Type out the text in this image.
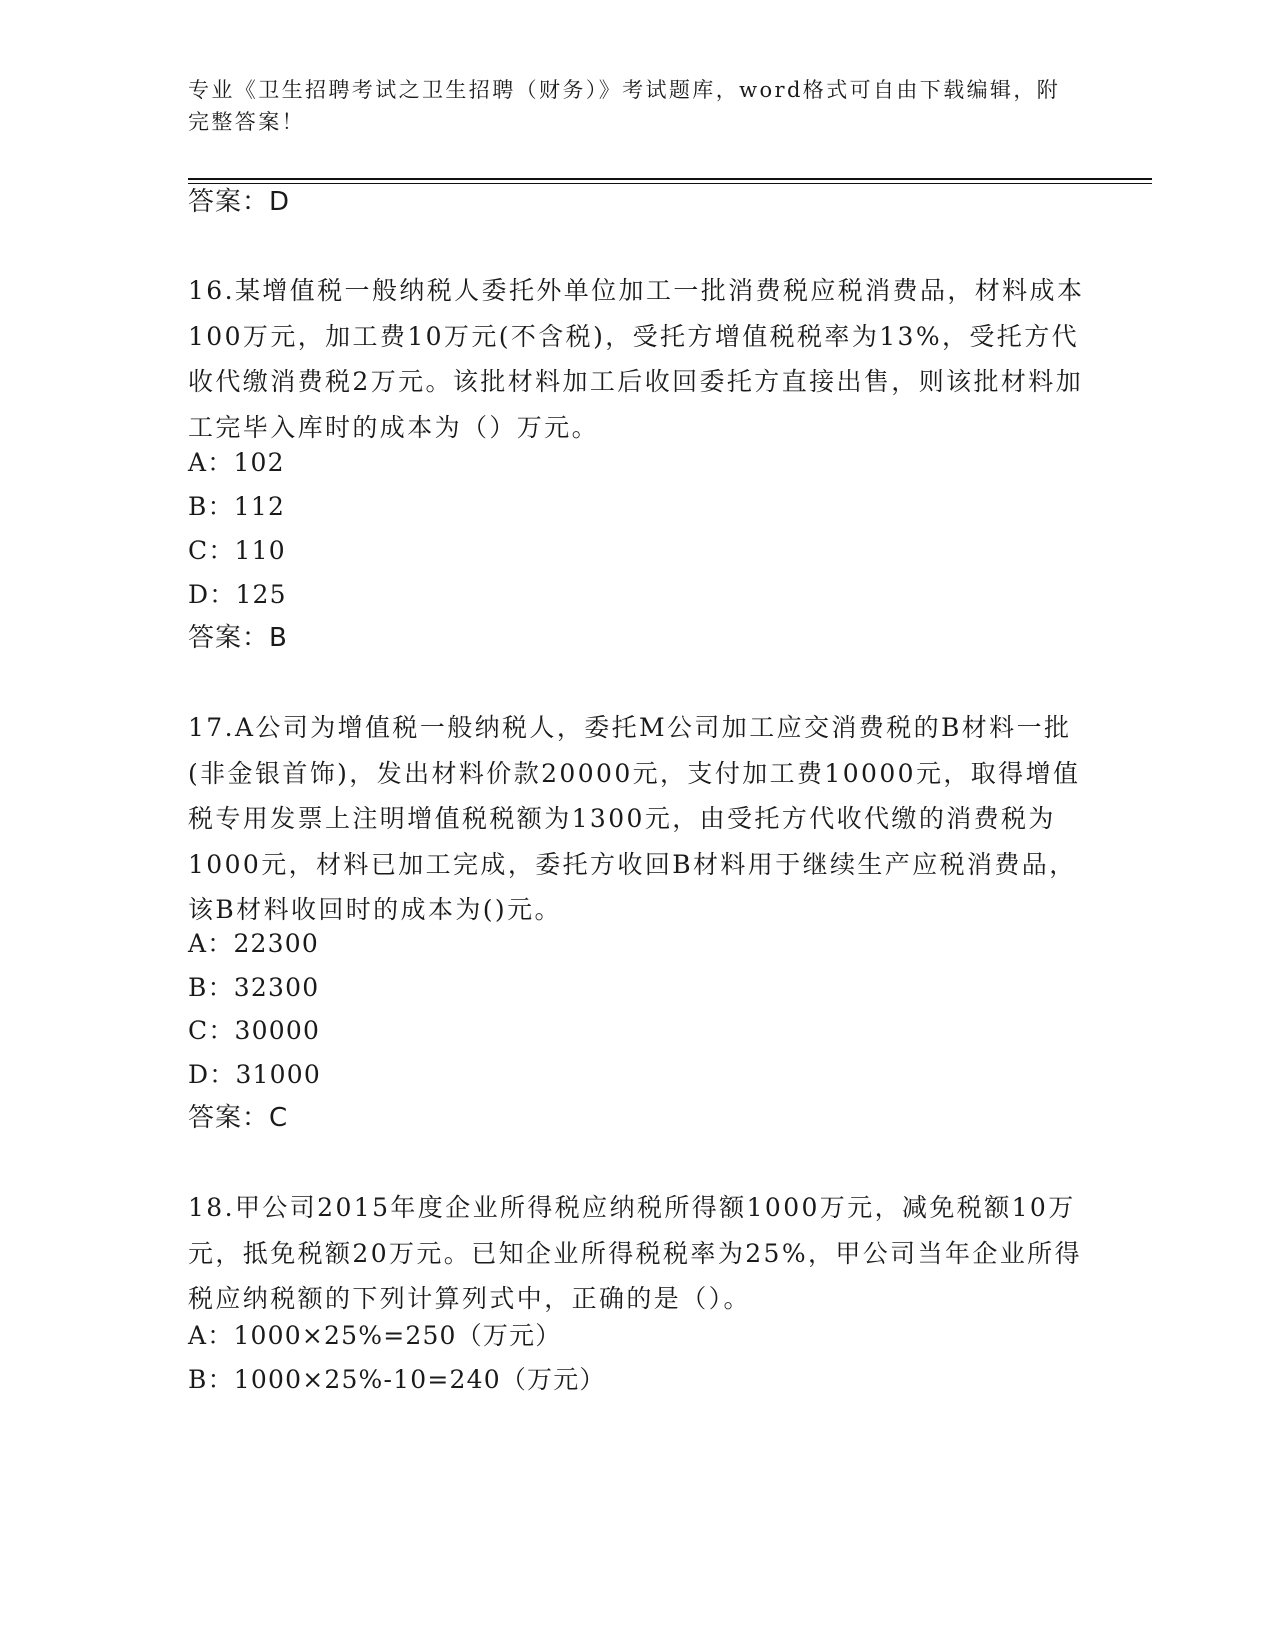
专业《卫生招聘考试之卫生招聘（财务）》考试题库，word格式可自由下载编辑，附完整答案！
答案：D
16.某增值税一般纳税人委托外单位加工一批消费税应税消费品，材料成本100万元，加工费10万元(不含税)，受托方增值税税率为13%，受托方代收代缴消费税2万元。该批材料加工后收回委托方直接出售，则该批材料加工完毕入库时的成本为（）万元。
A：102
B：112
C：110
D：125
答案：B
17.A公司为增值税一般纳税人，委托M公司加工应交消费税的B材料一批(非金银首饰)，发出材料价款20000元，支付加工费10000元，取得增值税专用发票上注明增值税税额为1300元，由受托方代收代缴的消费税为1000元，材料已加工完成，委托方收回B材料用于继续生产应税消费品，该B材料收回时的成本为()元。
A：22300
B：32300
C：30000
D：31000
答案：C
18.甲公司2015年度企业所得税应纳税所得额1000万元，减免税额10万元，抵免税额20万元。已知企业所得税税率为25%，甲公司当年企业所得税应纳税额的下列计算列式中，正确的是（）。
A：1000×25%=250（万元）
B：1000×25%-10=240（万元）
